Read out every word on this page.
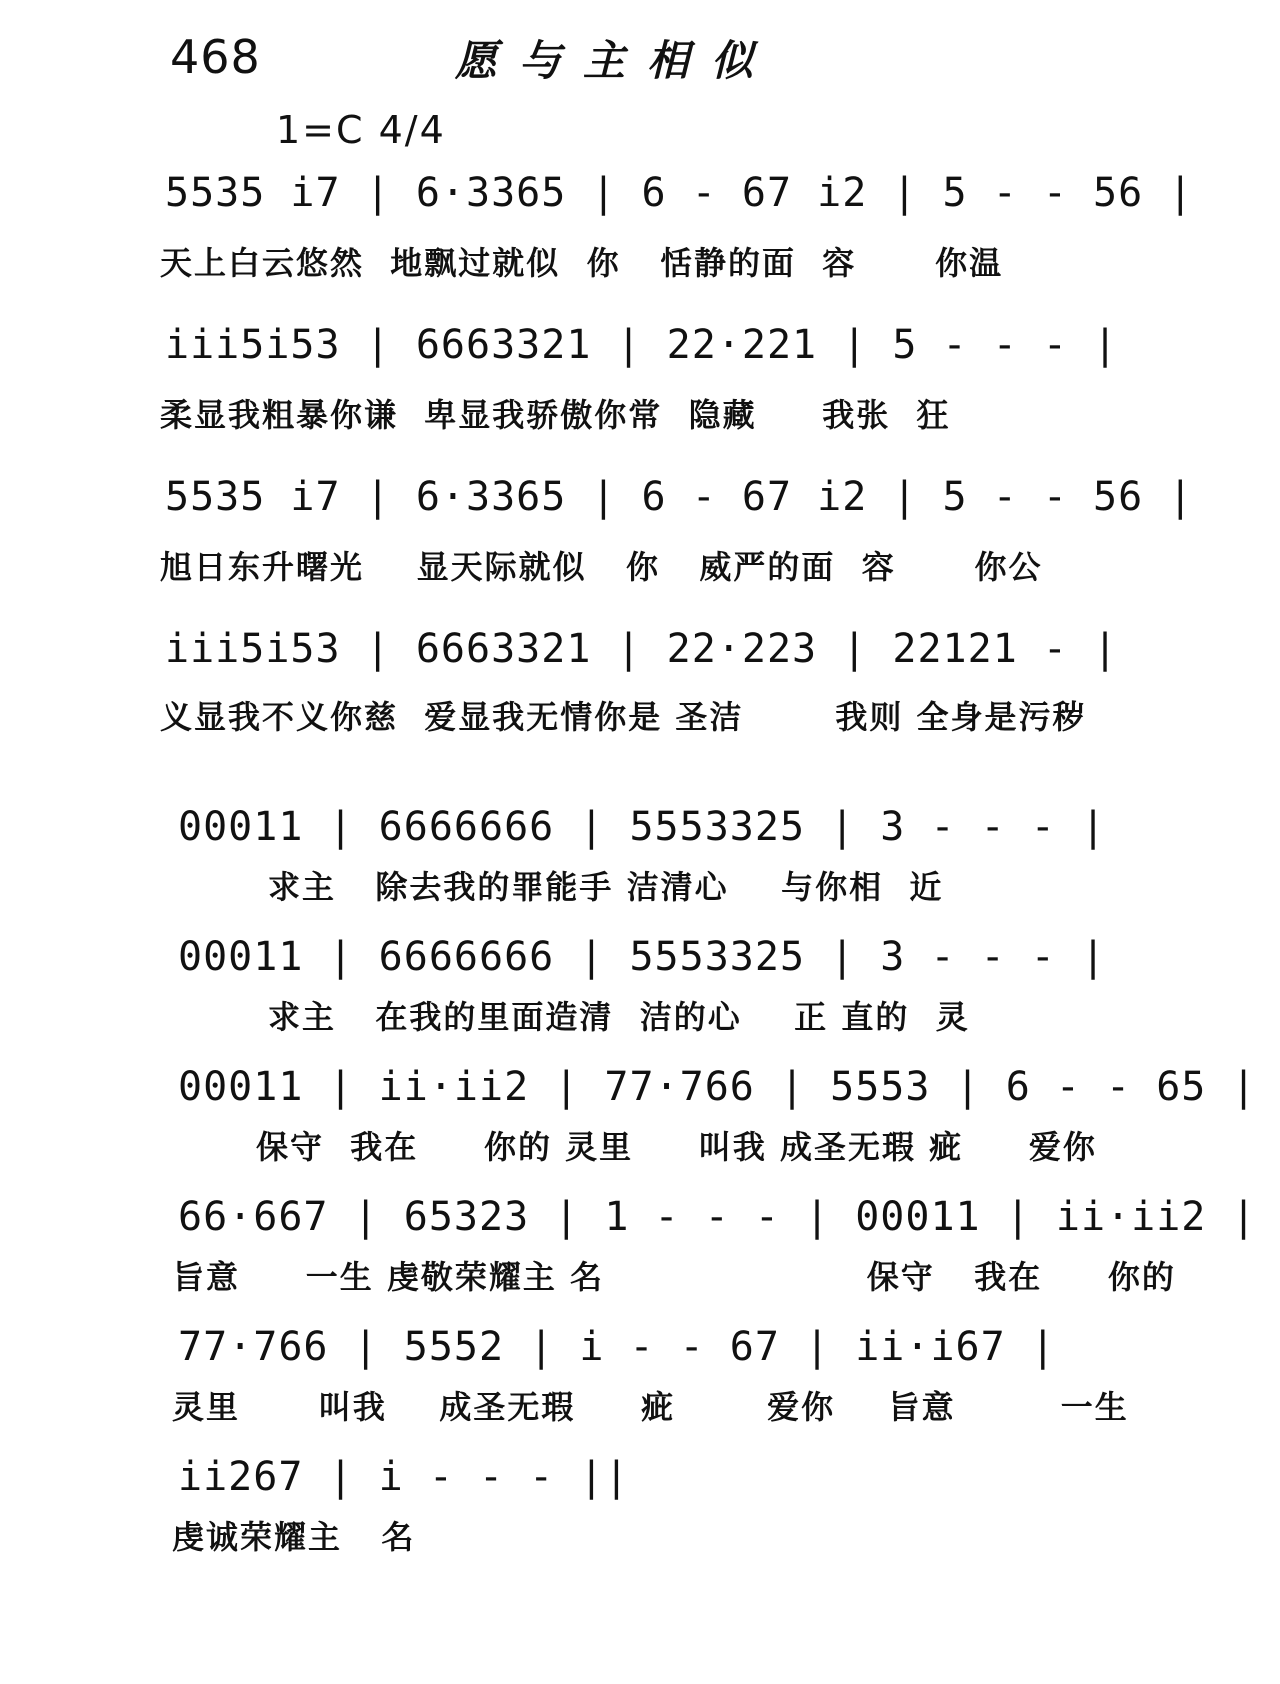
468	愿与主相似
1=C 4/4
5535 i7 | 6·3365 | 6 - 67 i2 | 5 - - 56 |
天上白云悠然  地飘过就似  你   恬静的面  容      你温
iii5i53 | 6663321 | 22·221 | 5 - - - |
柔显我粗暴你谦  卑显我骄傲你常  隐藏     我张  狂
5535 i7 | 6·3365 | 6 - 67 i2 | 5 - - 56 |
旭日东升曙光    显天际就似   你   威严的面  容      你公
iii5i53 | 6663321 | 22·223 | 22121 - |
义显我不义你慈  爱显我无情你是 圣洁       我则 全身是污秽
00011 | 6666666 | 5553325 | 3 - - - |
求主   除去我的罪能手 洁清心    与你相  近
00011 | 6666666 | 5553325 | 3 - - - |
求主   在我的里面造清  洁的心    正 直的  灵
00011 | ii·ii2 | 77·766 | 5553 | 6 - - 65 |
保守  我在     你的 灵里     叫我 成圣无瑕 疵     爱你
66·667 | 65323 | 1 - - - | 00011 | ii·ii2 |
旨意     一生 虔敬荣耀主 名                    保守   我在     你的
77·766 | 5552 | i - - 67 | ii·i67 |
灵里      叫我    成圣无瑕     疵       爱你    旨意        一生
ii267 | i - - - ||
虔诚荣耀主   名
